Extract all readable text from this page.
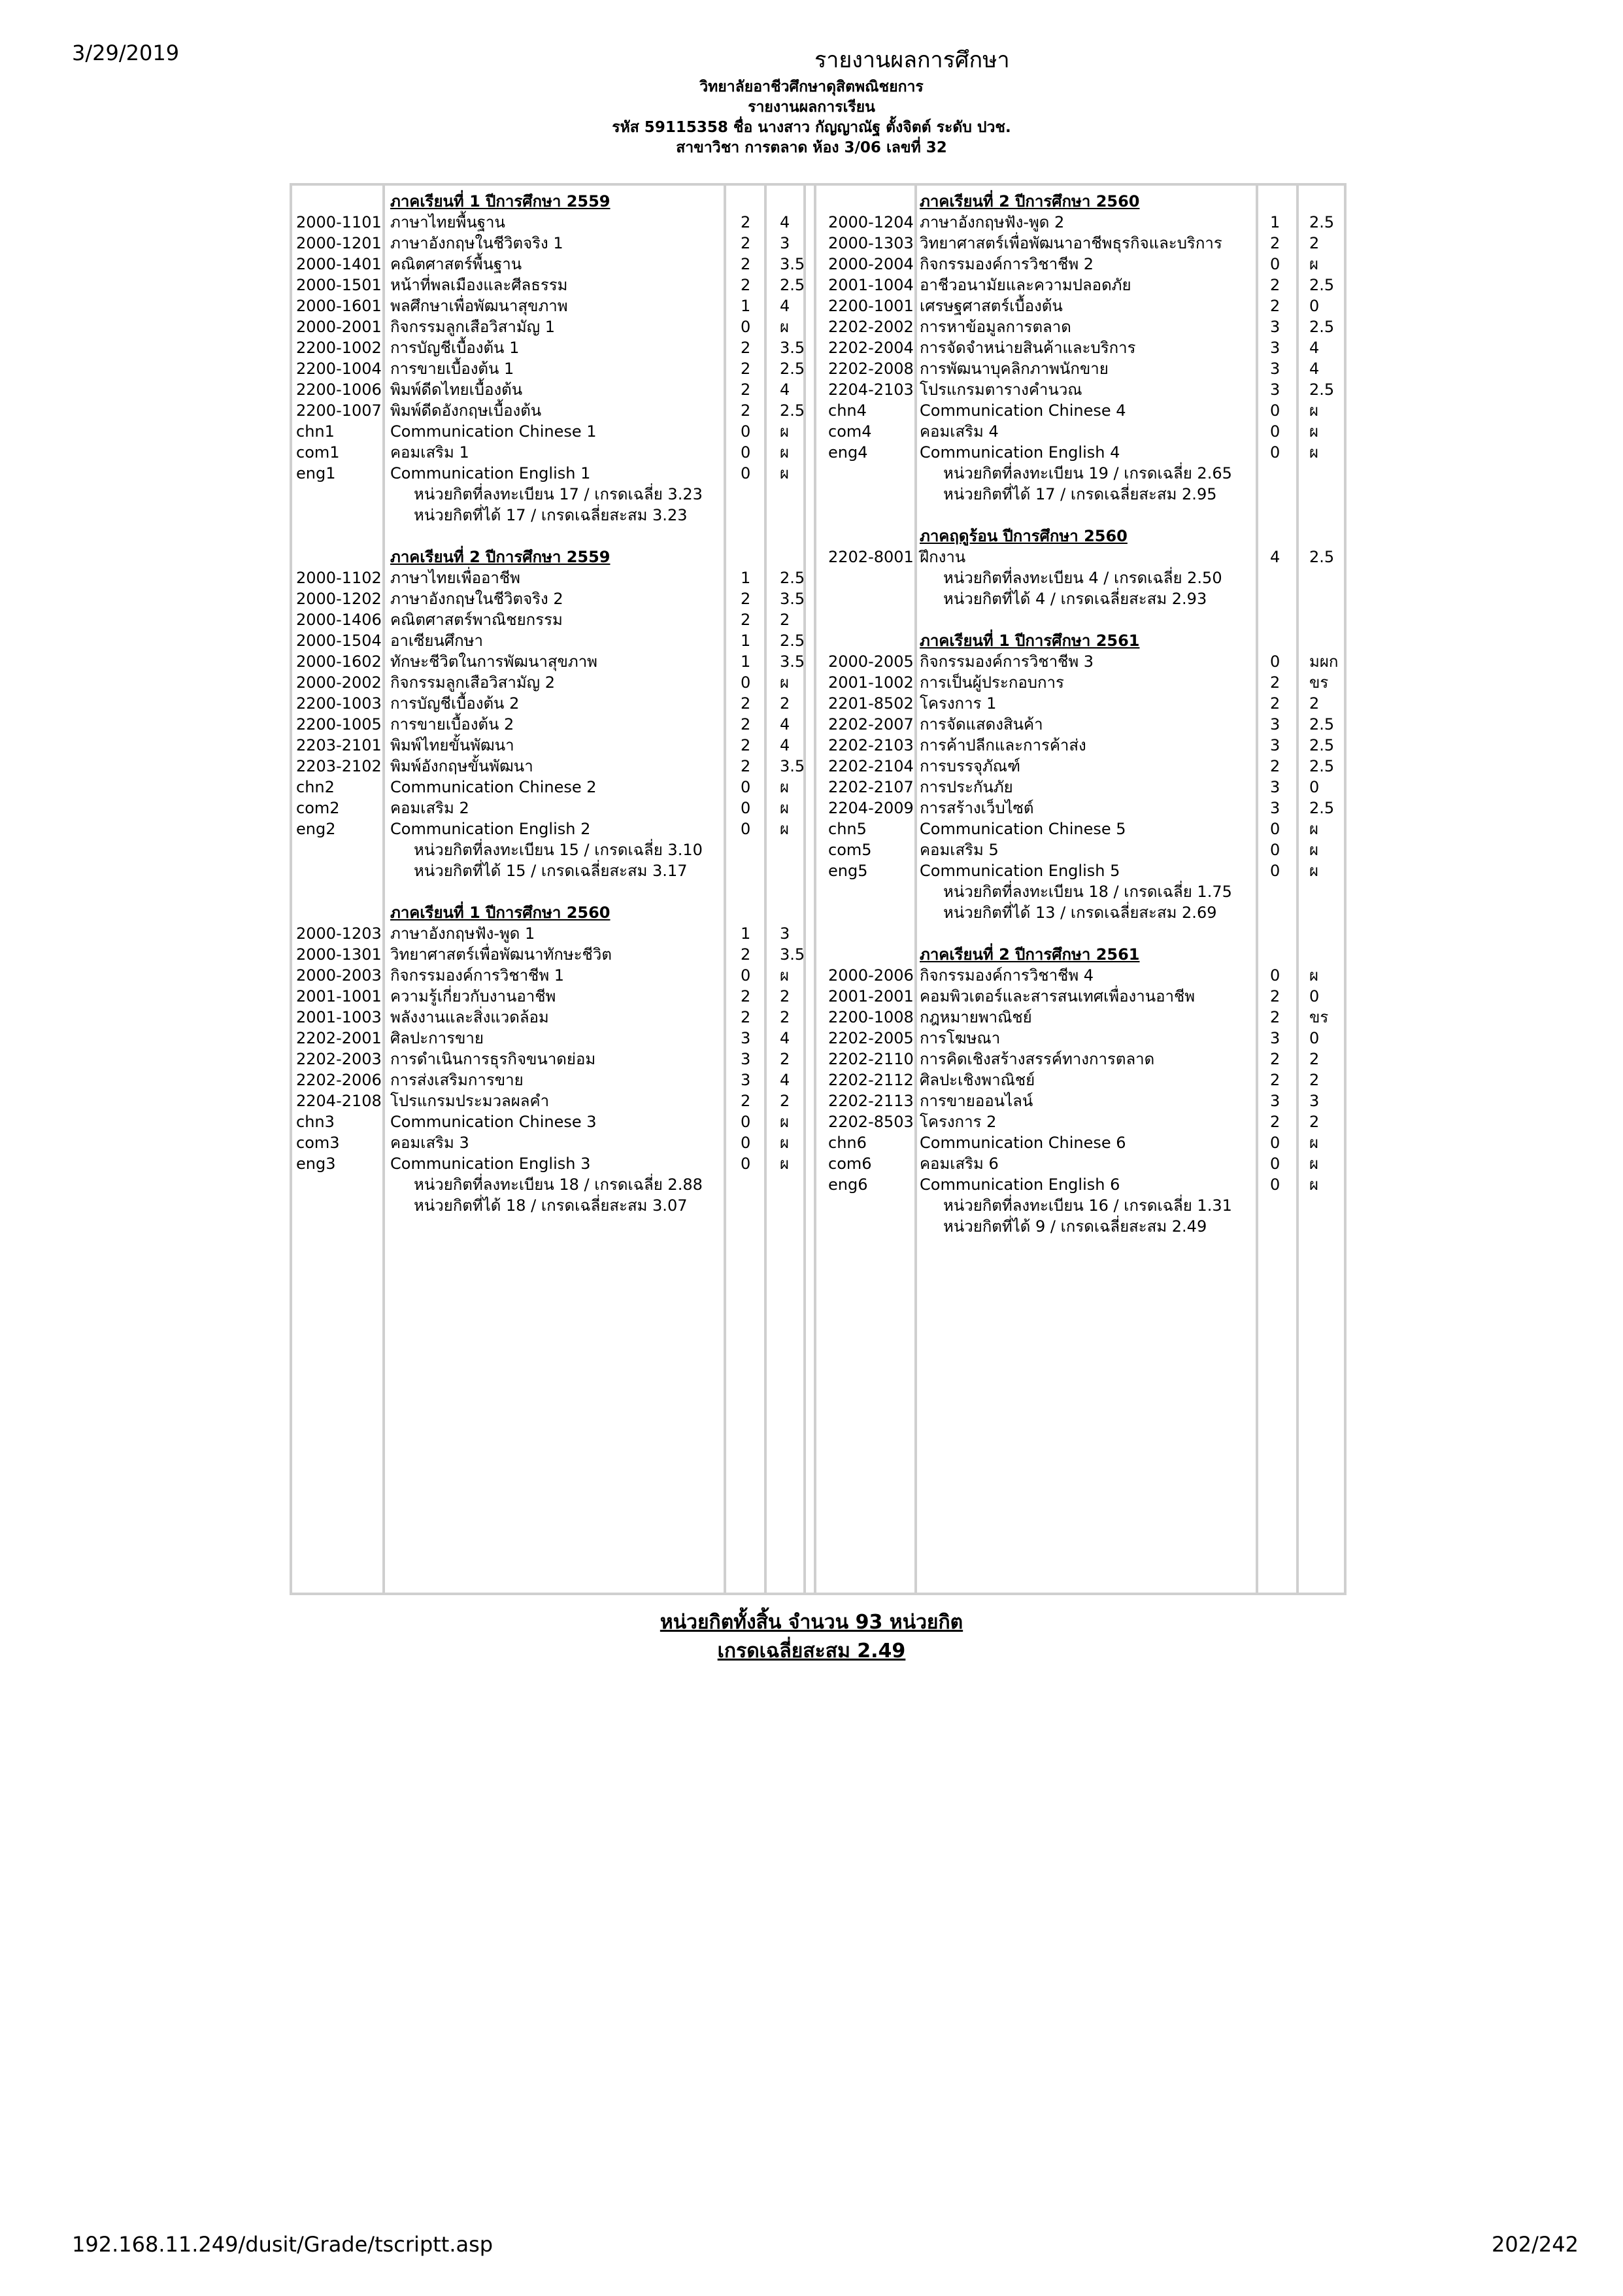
3/29/2019	รายงานผลการศึกษา
วิทยาลัยอาชีวศึกษาดุสิตพณิชยการ
รายงานผลการเรียน
รหัส 59115358 ชื่อ นางสาว กัญญาณัฐ ตั้งจิตต์ ระดับ ปวช.
สาขาวิชา การตลาด ห้อง 3/06 เลขที่ 32
ภาคเรียนที่ 1 ปีการศึกษา 2559
2000-1101 ภาษาไทยพื้นฐาน	2 4
2000-1201 ภาษาอังกฤษในชีวิตจริง 1	2 3
2000-1401 คณิตศาสตร์พื้นฐาน	2 3.5
2000-1501 หน้าที่พลเมืองและศีลธรรม	2 2.5
2000-1601 พลศึกษาเพื่อพัฒนาสุขภาพ	1 4
2000-2001 กิจกรรมลูกเสือวิสามัญ 1	0 ผ
2200-1002 การบัญชีเบื้องต้น 1	2 3.5
2200-1004 การขายเบื้องต้น 1	2 2.5
2200-1006 พิมพ์ดีดไทยเบื้องต้น	2 4
2200-1007 พิมพ์ดีดอังกฤษเบื้องต้น	2 2.5
chn1	Communication Chinese 1	0 ผ
com1	คอมเสริม 1	0 ผ
eng1	Communication English 1	0 ผ
หน่วยกิตที่ลงทะเบียน 17 / เกรดเฉลี่ย 3.23
หน่วยกิตที่ได้ 17 / เกรดเฉลี่ยสะสม 3.23
ภาคเรียนที่ 2 ปีการศึกษา 2559
2000-1102 ภาษาไทยเพื่ออาชีพ	1 2.5
2000-1202 ภาษาอังกฤษในชีวิตจริง 2	2 3.5
2000-1406 คณิตศาสตร์พาณิชยกรรม	2 2
2000-1504 อาเซียนศึกษา	1 2.5
2000-1602 ทักษะชีวิตในการพัฒนาสุขภาพ	1 3.5
2000-2002 กิจกรรมลูกเสือวิสามัญ 2	0 ผ
2200-1003 การบัญชีเบื้องต้น 2	2 2
2200-1005 การขายเบื้องต้น 2	2 4
2203-2101 พิมพ์ไทยขั้นพัฒนา	2 4
2203-2102 พิมพ์อังกฤษขั้นพัฒนา	2 3.5
chn2	Communication Chinese 2	0 ผ
com2	คอมเสริม 2	0 ผ
eng2	Communication English 2	0 ผ
หน่วยกิตที่ลงทะเบียน 15 / เกรดเฉลี่ย 3.10
หน่วยกิตที่ได้ 15 / เกรดเฉลี่ยสะสม 3.17
ภาคเรียนที่ 1 ปีการศึกษา 2560
2000-1203 ภาษาอังกฤษฟัง-พูด 1	1 3
2000-1301 วิทยาศาสตร์เพื่อพัฒนาทักษะชีวิต	2 3.5
2000-2003 กิจกรรมองค์การวิชาชีพ 1	0 ผ
2001-1001 ความรู้เกี่ยวกับงานอาชีพ	2 2
2001-1003 พลังงานและสิ่งแวดล้อม	2 2
2202-2001 ศิลปะการขาย	3 4
2202-2003 การดำเนินการธุรกิจขนาดย่อม	3 2
2202-2006 การส่งเสริมการขาย	3 4
2204-2108 โปรแกรมประมวลผลคำ	2 2
chn3	Communication Chinese 3	0 ผ
com3	คอมเสริม 3	0 ผ
eng3	Communication English 3	0 ผ
หน่วยกิตที่ลงทะเบียน 18 / เกรดเฉลี่ย 2.88
หน่วยกิตที่ได้ 18 / เกรดเฉลี่ยสะสม 3.07
ภาคเรียนที่ 2 ปีการศึกษา 2560
2000-1204 ภาษาอังกฤษฟัง-พูด 2	1 2.5
2000-1303 วิทยาศาสตร์เพื่อพัฒนาอาชีพธุรกิจและบริการ	2 2
2000-2004 กิจกรรมองค์การวิชาชีพ 2	0 ผ
2001-1004 อาชีวอนามัยและความปลอดภัย	2 2.5
2200-1001 เศรษฐศาสตร์เบื้องต้น	2 0
2202-2002 การหาข้อมูลการตลาด	3 2.5
2202-2004 การจัดจำหน่ายสินค้าและบริการ	3 4
2202-2008 การพัฒนาบุคลิกภาพนักขาย	3 4
2204-2103 โปรแกรมตารางคำนวณ	3 2.5
chn4	Communication Chinese 4	0 ผ
com4	คอมเสริม 4	0 ผ
eng4	Communication English 4	0 ผ
หน่วยกิตที่ลงทะเบียน 19 / เกรดเฉลี่ย 2.65
หน่วยกิตที่ได้ 17 / เกรดเฉลี่ยสะสม 2.95
ภาคฤดูร้อน ปีการศึกษา 2560
2202-8001 ฝึกงาน	4 2.5
หน่วยกิตที่ลงทะเบียน 4 / เกรดเฉลี่ย 2.50
หน่วยกิตที่ได้ 4 / เกรดเฉลี่ยสะสม 2.93
ภาคเรียนที่ 1 ปีการศึกษา 2561
2000-2005 กิจกรรมองค์การวิชาชีพ 3	0 มผก
2001-1002 การเป็นผู้ประกอบการ	2 ขร
2201-8502 โครงการ 1	2 2
2202-2007 การจัดแสดงสินค้า	3 2.5
2202-2103 การค้าปลีกและการค้าส่ง	3 2.5
2202-2104 การบรรจุภัณฑ์	2 2.5
2202-2107 การประกันภัย	3 0
2204-2009 การสร้างเว็บไซต์	3 2.5
chn5	Communication Chinese 5	0 ผ
com5	คอมเสริม 5	0 ผ
eng5	Communication English 5	0 ผ
หน่วยกิตที่ลงทะเบียน 18 / เกรดเฉลี่ย 1.75
หน่วยกิตที่ได้ 13 / เกรดเฉลี่ยสะสม 2.69
ภาคเรียนที่ 2 ปีการศึกษา 2561
2000-2006 กิจกรรมองค์การวิชาชีพ 4	0 ผ
2001-2001 คอมพิวเตอร์และสารสนเทศเพื่องานอาชีพ	2 0
2200-1008 กฎหมายพาณิชย์	2 ขร
2202-2005 การโฆษณา	3 0
2202-2110 การคิดเชิงสร้างสรรค์ทางการตลาด	2 2
2202-2112 ศิลปะเชิงพาณิชย์	2 2
2202-2113 การขายออนไลน์	3 3
2202-8503 โครงการ 2	2 2
chn6	Communication Chinese 6	0 ผ
com6	คอมเสริม 6	0 ผ
eng6	Communication English 6	0 ผ
หน่วยกิตที่ลงทะเบียน 16 / เกรดเฉลี่ย 1.31
หน่วยกิตที่ได้ 9 / เกรดเฉลี่ยสะสม 2.49
หน่วยกิตทั้งสิ้น จำนวน 93 หน่วยกิต
เกรดเฉลี่ยสะสม 2.49
192.168.11.249/dusit/Grade/tscriptt.asp	202/242
